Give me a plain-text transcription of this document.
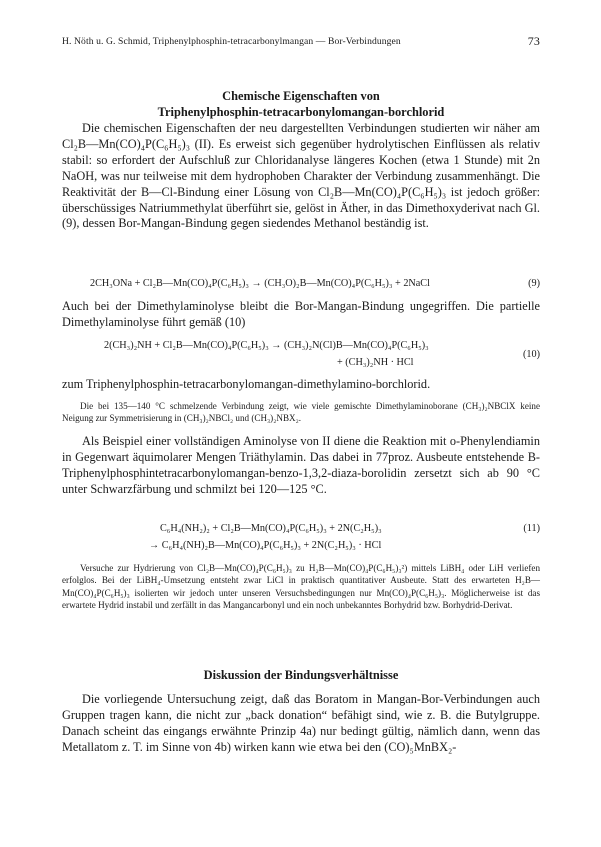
H. Nöth u. G. Schmid, Triphenylphosphin-tetracarbonylmangan — Bor-Verbindungen	73
Chemische Eigenschaften von
Triphenylphosphin-tetracarbonylomangan-borchlorid

Die chemischen Eigenschaften der neu dargestellten Verbindungen studierten wir näher am Cl₂B—Mn(CO)₄P(C₆H₅)₃ (II). Es erweist sich gegenüber hydrolytischen Einflüssen als relativ stabil: so erfordert der Aufschluß zur Chloridanalyse längeres Kochen (etwa 1 Stunde) mit 2n NaOH, was nur teilweise mit dem hydrophoben Charakter der Verbindung zusammenhängt. Die Reaktivität der B—Cl-Bindung einer Lösung von Cl₂B—Mn(CO)₄P(C₆H₅)₃ ist jedoch größer: überschüssiges Natriummethylat überführt sie, gelöst in Äther, in das Dimethoxyderivat nach Gl. (9), dessen Bor-Mangan-Bindung gegen siedendes Methanol beständig ist.

2CH₃ONa + Cl₂B—Mn(CO)₄P(C₆H₅)₃ → (CH₃O)₂B—Mn(CO)₄P(C₆H₅)₃ + 2NaCl	(9)

Auch bei der Dimethylaminolyse bleibt die Bor-Mangan-Bindung ungegriffen. Die partielle Dimethylaminolyse führt gemäß (10)

2(CH₃)₂NH + Cl₂B—Mn(CO)₄P(C₆H₅)₃ → (CH₃)₂N(Cl)B—Mn(CO)₄P(C₆H₅)₃
+ (CH₃)₂NH · HCl
(10)

zum Triphenylphosphin-tetracarbonylomangan-dimethylamino-borchlorid.

Die bei 135—140 °C schmelzende Verbindung zeigt, wie viele gemischte Dimethylaminoborane (CH₃)₂NBClX keine Neigung zur Symmetrisierung in (CH₃)₂NBCl₂ und (CH₃)₂NBX₂.

Als Beispiel einer vollständigen Aminolyse von II diene die Reaktion mit o-Phenylendiamin in Gegenwart äquimolarer Mengen Triäthylamin. Das dabei in 77proz. Ausbeute entstehende B-Triphenylphosphintetracarbonylomangan-benzo-1,3,2-diaza-borolidin zersetzt sich ab 90 °C unter Schwarzfärbung und schmilzt bei 120—125 °C.

C₆H₄(NH₂)₂ + Cl₂B—Mn(CO)₄P(C₆H₅)₃ + 2N(C₂H₅)₃
→ C₆H₄(NH)₂B—Mn(CO)₄P(C₆H₅)₃ + 2N(C₂H₅)₃ · HCl
(11)

Versuche zur Hydrierung von Cl₂B—Mn(CO)₄P(C₆H₅)₃ zu H₂B—Mn(CO)₄P(C₆H₅)₃²) mittels LiBH₄ oder LiH verliefen erfolglos. Bei der LiBH₄-Umsetzung entsteht zwar LiCl in praktisch quantitativer Ausbeute. Statt des erwarteten H₂B—Mn(CO)₄P(C₆H₅)₃ isolierten wir jedoch unter unseren Versuchsbedingungen nur Mn(CO)₄P(C₆H₅)₃. Möglicherweise ist das erwartete Hydrid instabil und zerfällt in das Mangancarbonyl und ein noch unbekanntes Borhydrid bzw. Borhydrid-Derivat.

Diskussion der Bindungsverhältnisse

Die vorliegende Untersuchung zeigt, daß das Boratom in Mangan-Bor-Verbindungen auch Gruppen tragen kann, die nicht zur „back donation“ befähigt sind, wie z. B. die Butylgruppe. Danach scheint das eingangs erwähnte Prinzip 4a) nur bedingt gültig, nämlich dann, wenn das Metallatom z. T. im Sinne von 4b) wirken kann wie etwa bei den (CO)₅MnBX₂-
